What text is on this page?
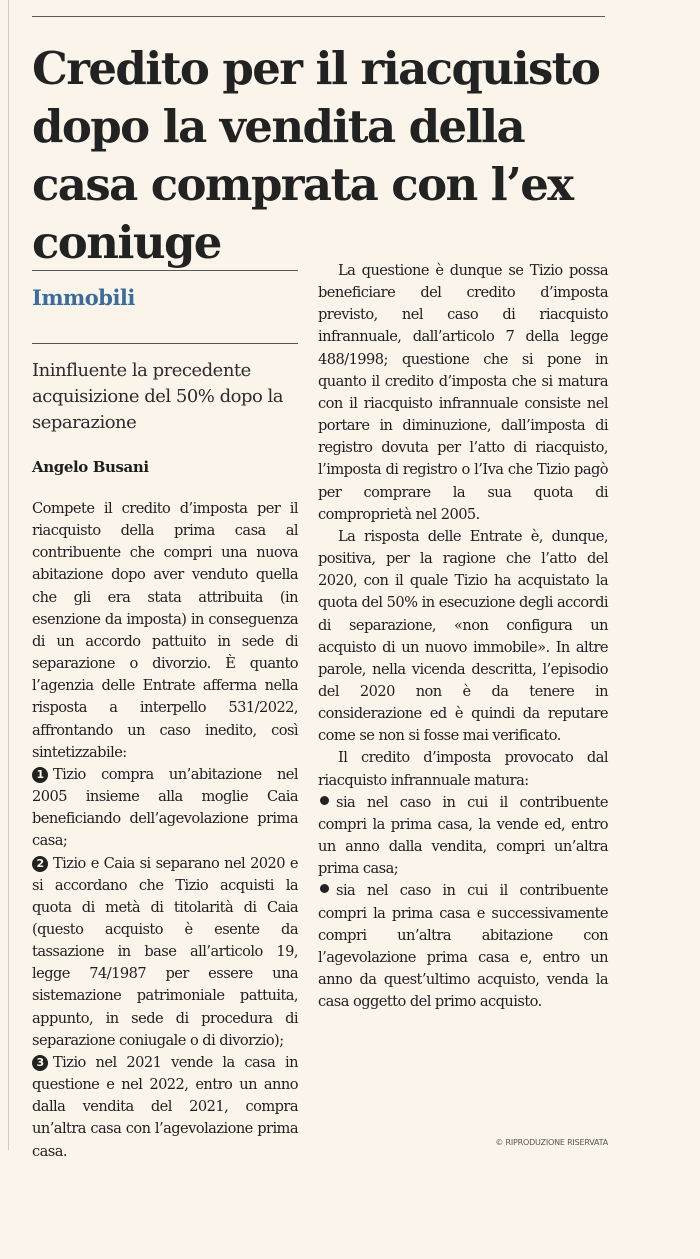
Credito per il riacquisto dopo la vendita della casa comprata con l’ex coniuge
Immobili
Ininfluente la precedente acquisizione del 50% dopo la separazione
Angelo Busani

Compete il credito d’imposta per il riacquisto della prima casa al contribuente che compri una nuova abitazione dopo aver venduto quella che gli era stata attribuita (in esenzione da imposta) in conseguenza di un accordo pattuito in sede di separazione o divorzio. È quanto l’agenzia delle Entrate afferma nella risposta a interpello 531/2022, affrontando un caso inedito, così sintetizzabile:

1 Tizio compra un’abitazione nel 2005 insieme alla moglie Caia beneficiando dell’agevolazione prima casa;

2 Tizio e Caia si separano nel 2020 e si accordano che Tizio acquisti la quota di metà di titolarità di Caia (questo acquisto è esente da tassazione in base all’articolo 19, legge 74/1987 per essere una sistemazione patrimoniale pattuita, appunto, in sede di procedura di separazione coniugale o di divorzio);

3 Tizio nel 2021 vende la casa in questione e nel 2022, entro un anno dalla vendita del 2021, compra un’altra casa con l’agevolazione prima casa.

La questione è dunque se Tizio possa beneficiare del credito d’imposta previsto, nel caso di riacquisto infrannuale, dall’articolo 7 della legge 488/1998; questione che si pone in quanto il credito d’imposta che si matura con il riacquisto infrannuale consiste nel portare in diminuzione, dall’imposta di registro dovuta per l’atto di riacquisto, l’imposta di registro o l’Iva che Tizio pagò per comprare la sua quota di comproprietà nel 2005.

La risposta delle Entrate è, dunque, positiva, per la ragione che l’atto del 2020, con il quale Tizio ha acquistato la quota del 50% in esecuzione degli accordi di separazione, «non configura un acquisto di un nuovo immobile». In altre parole, nella vicenda descritta, l’episodio del 2020 non è da tenere in considerazione ed è quindi da reputare come se non si fosse mai verificato.

Il credito d’imposta provocato dal riacquisto infrannuale matura:

sia nel caso in cui il contribuente compri la prima casa, la vende ed, entro un anno dalla vendita, compri un’altra prima casa;

sia nel caso in cui il contribuente compri la prima casa e successivamente compri un’altra abitazione con l’agevolazione prima casa e, entro un anno da quest’ultimo acquisto, venda la casa oggetto del primo acquisto.

© RIPRODUZIONE RISERVATA
